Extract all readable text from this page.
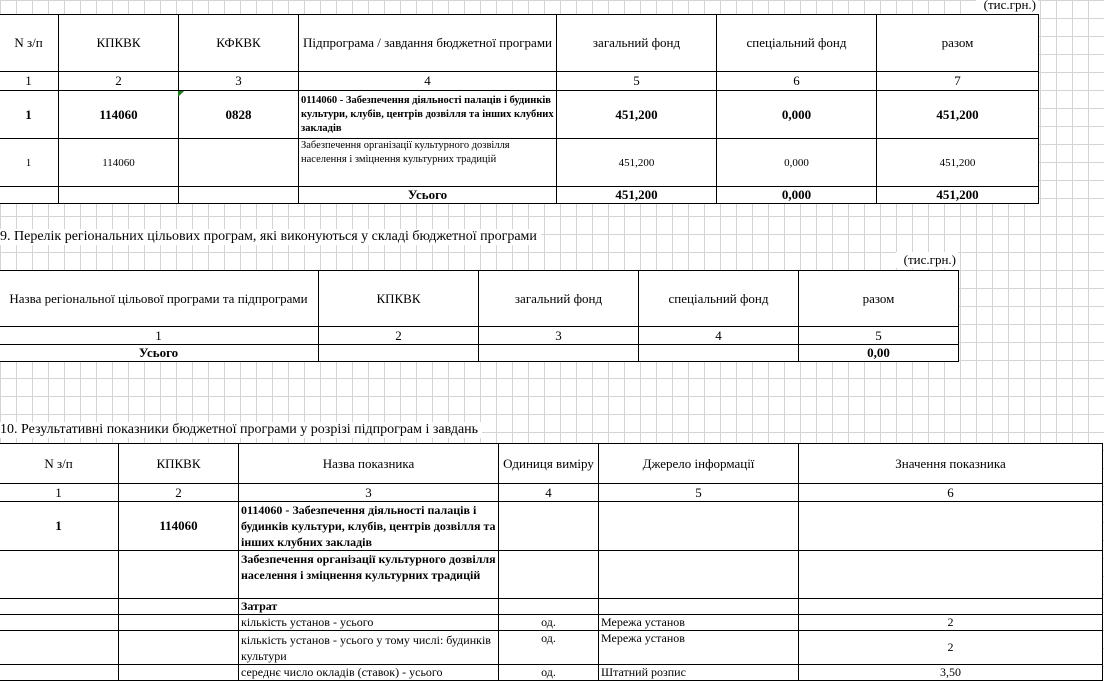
(тис.грн.)
N з/п	КПКВК	КФКВК	Підпрограма / завдання бюджетної програми	загальний фонд	спеціальний фонд	разом
1	2	3	4	5	6	7
1	114060	0828	0114060 - Забезпечення діяльності палаців і будинків культури, клубів, центрів дозвілля та інших клубних закладів	451,200	0,000	451,200
1	114060		Забезпечення організації культурного дозвілля населення і зміцнення культурних традицій	451,200	0,000	451,200
			Усього	451,200	0,000	451,200
9. Перелік регіональних цільових програм, які виконуються у складі бюджетної програми
(тис.грн.)
Назва регіональної цільової програми та підпрограми	КПКВК	загальний фонд	спеціальний фонд	разом
1	2	3	4	5
Усього				0,00
10. Результативні показники бюджетної програми у розрізі підпрограм і завдань
N з/п	КПКВК	Назва показника	Одиниця виміру	Джерело інформації	Значення показника
1	2	3	4	5	6
1	114060	0114060 - Забезпечення діяльності палаців і будинків культури, клубів, центрів дозвілля та інших клубних закладів			
		Забезпечення організації культурного дозвілля населення і зміцнення культурних традицій			
		Затрат			
		кількість установ - усього	од.	Мережа установ	2
		кількість установ - усього у тому числі: будинків культури	од.	Мережа установ	2
		середнє число окладів (ставок) - усього	од.	Штатний розпис	3,50
